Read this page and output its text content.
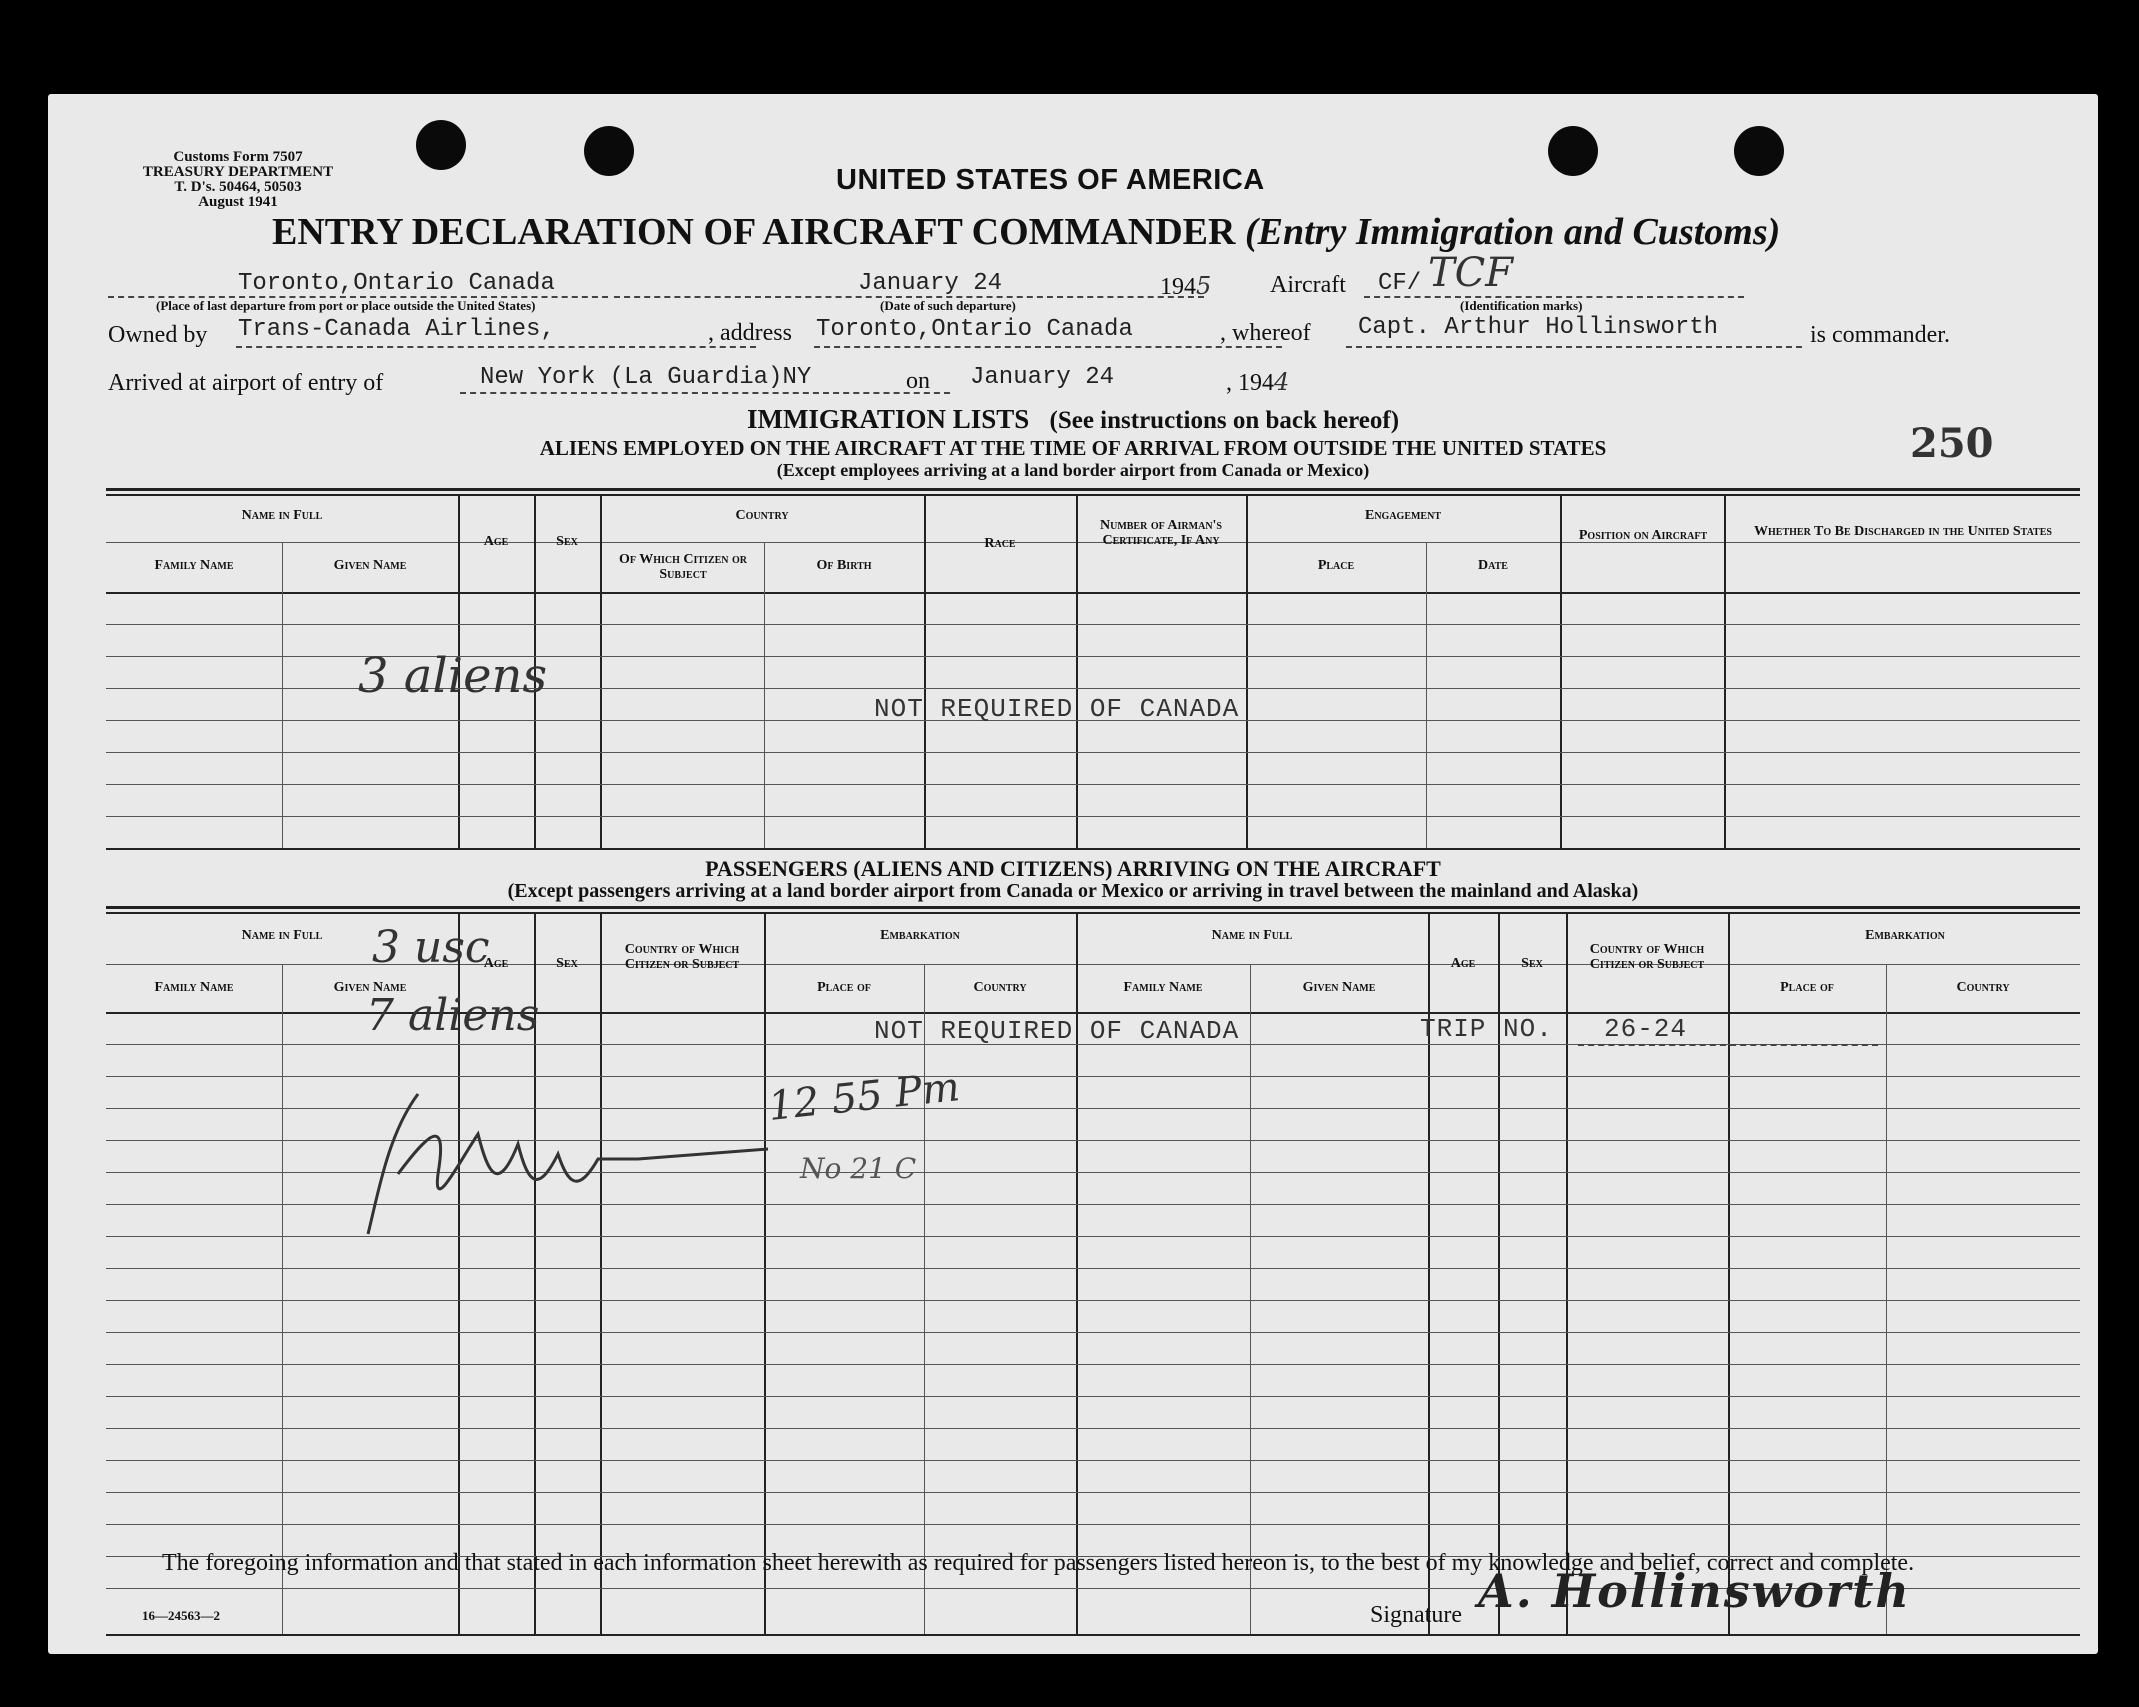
Customs Form 7507
TREASURY DEPARTMENT
T. D's. 50464, 50503
August 1941
UNITED STATES OF AMERICA
ENTRY DECLARATION OF AIRCRAFT COMMANDER (Entry Immigration and Customs)
Toronto,Ontario Canada
(Place of last departure from port or place outside the United States)
January 24
(Date of such departure)
1945 Aircraft CF/ TCF
(Identification marks)
Owned by Trans-Canada Airlines,	, address Toronto,Ontario Canada	, whereof Capt. Arthur Hollinsworth	is commander.
Arrived at airport of entry of	New York (La Guardia)NY	on January 24	, 1944
IMMIGRATION LISTS (See instructions on back hereof)
ALIENS EMPLOYED ON THE AIRCRAFT AT THE TIME OF ARRIVAL FROM OUTSIDE THE UNITED STATES
(Except employees arriving at a land border airport from Canada or Mexico)
250
Name in Full
Family Name	Given Name
Age	Sex
Country
Of Which Citizen or Subject
Of Birth
Race
Number of Airman's Certificate, If Any
Engagement
Place	Date
Position on Aircraft	Whether To Be Discharged in the United States
3 aliens
NOT REQUIRED OF CANADA
PASSENGERS (ALIENS AND CITIZENS) ARRIVING ON THE AIRCRAFT
(Except passengers arriving at a land border airport from Canada or Mexico or arriving in travel between the mainland and Alaska)
Name in Full
Family Name	Given Name
Age	Sex
Country of Which Citizen or Subject
Embarkation
Place of	Country
Name in Full
Family Name	Given Name
Age	Sex
Country of Which Citizen or Subject
Embarkation
Place of	Country
3 usc
7 aliens	NOT REQUIRED OF CANADA	TRIP NO. 26-24
12 55 Pm
No 21 C
The foregoing information and that stated in each information sheet herewith as required for passengers listed hereon is, to the best of my knowledge and belief, correct and complete.
16—24563—2	Signature A. Hollinsworth
